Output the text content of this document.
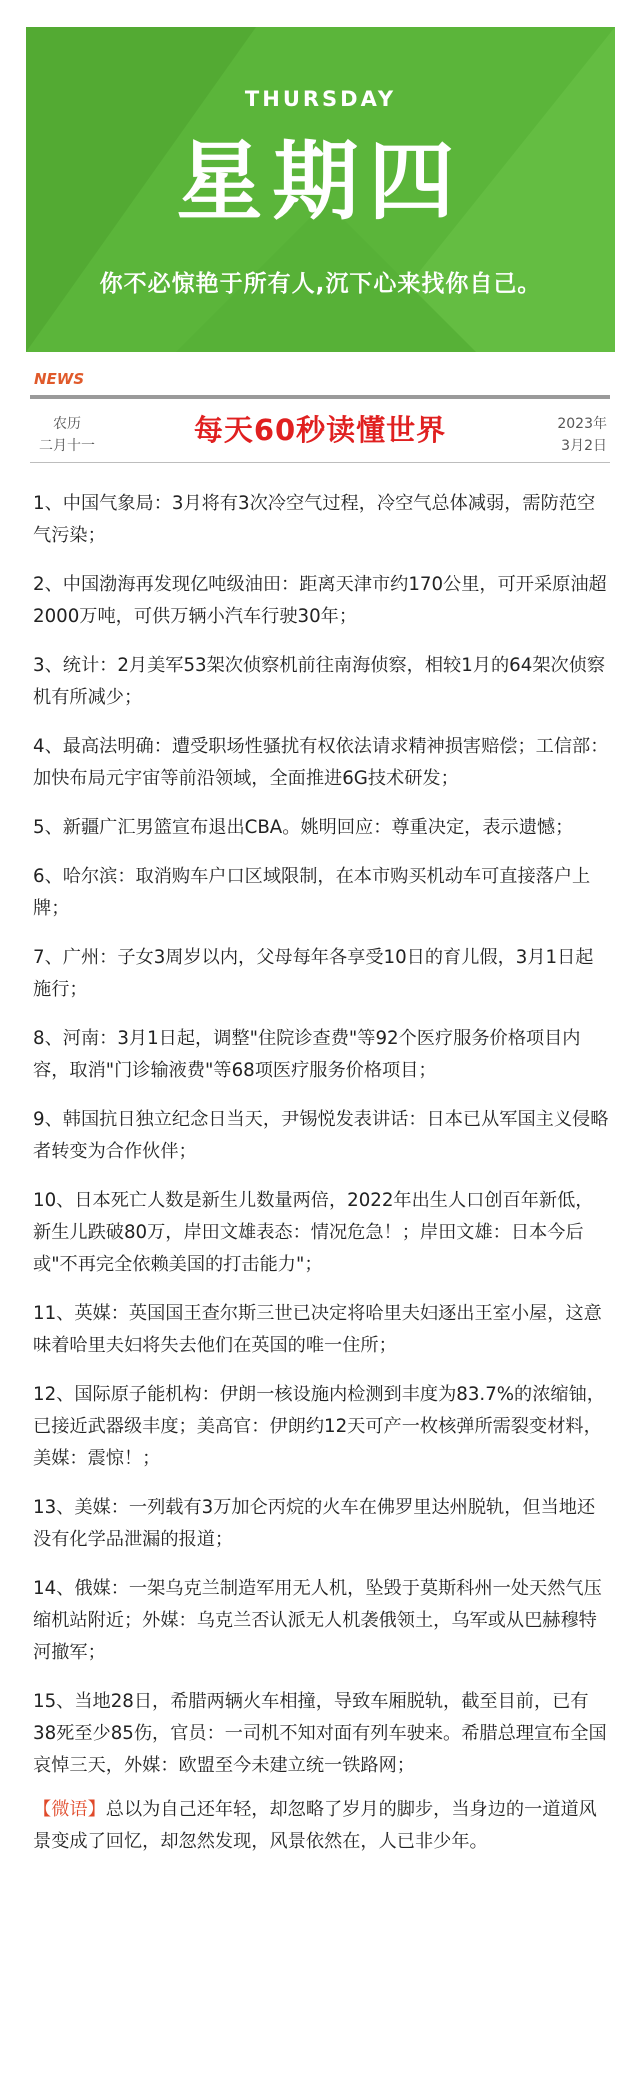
THURSDAY
星期四
你不必惊艳于所有人,沉下心来找你自己。
NEWS
农历
二月十一	每天60秒读懂世界	2023年
3月2日

1、中国气象局：3月将有3次冷空气过程，冷空气总体减弱，需防范空气污染；

2、中国渤海再发现亿吨级油田：距离天津市约170公里，可开采原油超2000万吨，可供万辆小汽车行驶30年；

3、统计：2月美军53架次侦察机前往南海侦察，相较1月的64架次侦察机有所减少；

4、最高法明确：遭受职场性骚扰有权依法请求精神损害赔偿；工信部：加快布局元宇宙等前沿领域，全面推进6G技术研发；

5、新疆广汇男篮宣布退出CBA。姚明回应：尊重决定，表示遗憾；

6、哈尔滨：取消购车户口区域限制，在本市购买机动车可直接落户上牌；

7、广州：子女3周岁以内，父母每年各享受10日的育儿假，3月1日起施行；

8、河南：3月1日起，调整"住院诊查费"等92个医疗服务价格项目内容，取消"门诊输液费"等68项医疗服务价格项目；

9、韩国抗日独立纪念日当天，尹锡悦发表讲话：日本已从军国主义侵略者转变为合作伙伴；

10、日本死亡人数是新生儿数量两倍，2022年出生人口创百年新低，新生儿跌破80万，岸田文雄表态：情况危急！；岸田文雄：日本今后或"不再完全依赖美国的打击能力"；

11、英媒：英国国王查尔斯三世已决定将哈里夫妇逐出王室小屋，这意味着哈里夫妇将失去他们在英国的唯一住所；

12、国际原子能机构：伊朗一核设施内检测到丰度为83.7%的浓缩铀，已接近武器级丰度；美高官：伊朗约12天可产一枚核弹所需裂变材料，美媒：震惊！；

13、美媒：一列载有3万加仑丙烷的火车在佛罗里达州脱轨，但当地还没有化学品泄漏的报道；

14、俄媒：一架乌克兰制造军用无人机，坠毁于莫斯科州一处天然气压缩机站附近；外媒：乌克兰否认派无人机袭俄领土，乌军或从巴赫穆特河撤军；

15、当地28日，希腊两辆火车相撞，导致车厢脱轨，截至目前，已有38死至少85伤，官员：一司机不知对面有列车驶来。希腊总理宣布全国哀悼三天，外媒：欧盟至今未建立统一铁路网；

【微语】总以为自己还年轻，却忽略了岁月的脚步，当身边的一道道风景变成了回忆，却忽然发现，风景依然在，人已非少年。
